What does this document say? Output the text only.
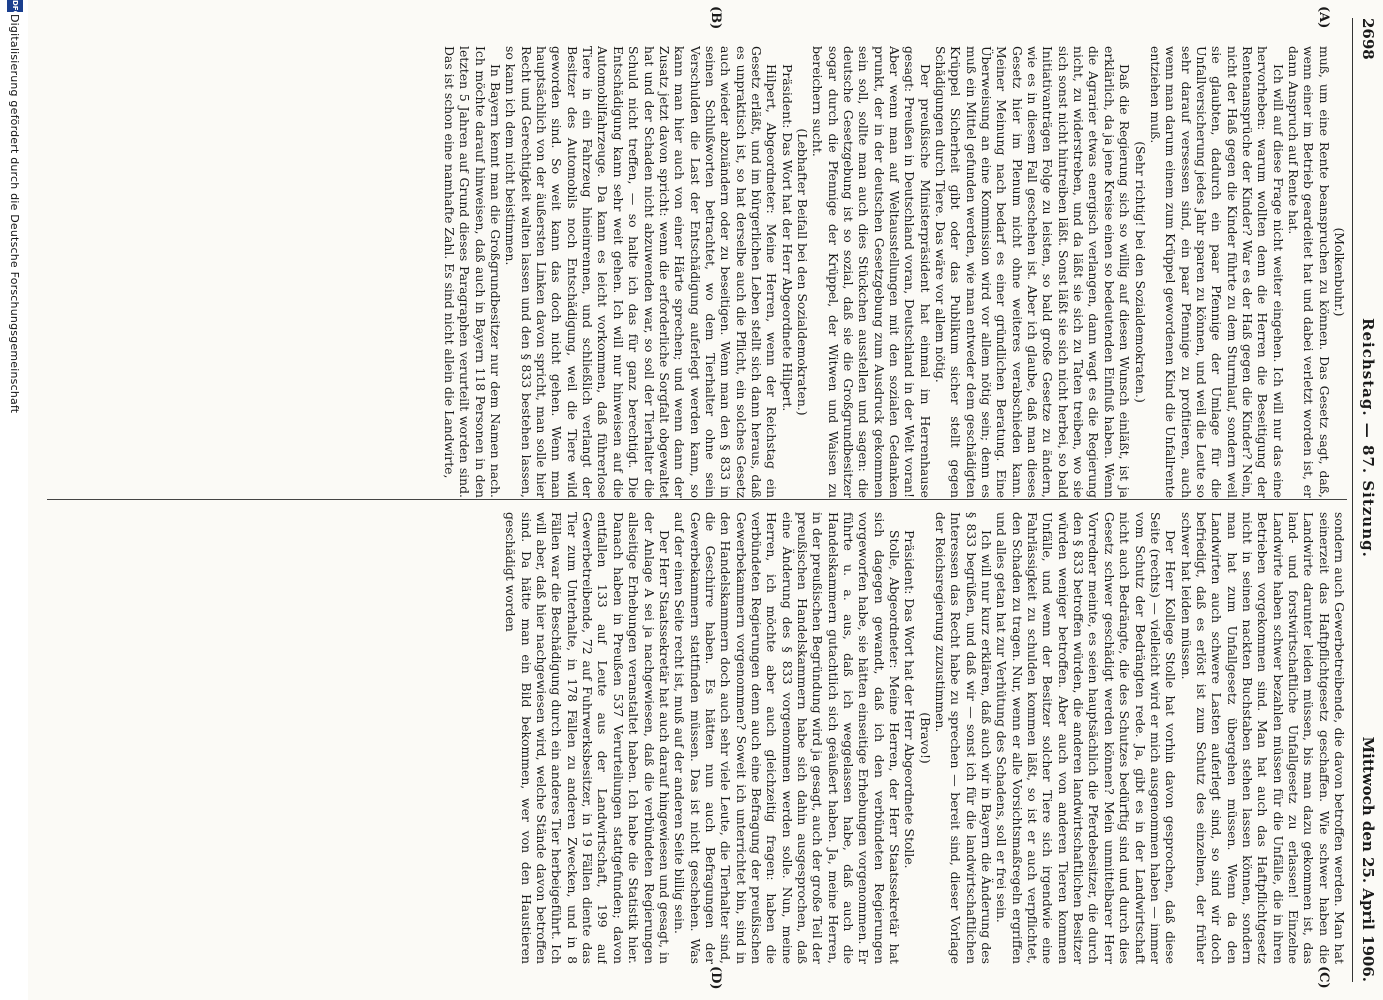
2698
Reichstag. — 87. Sitzung.
Mittwoch den 25. April 1906.
(A)
(B)
(C)
(D)

(Molkenbuhr.)

muß, um eine Rente beanspruchen zu können. Das Gesetz sagt, daß, wenn einer im Betrieb geardeitet hat und dabei verletzt worden ist, er dann Anspruch auf Rente hat.

Ich will auf diese Frage nicht weiter eingehen. Ich will nur das eine hervorheben: warum wollten denn die Herren die Beseitigung der Rentenansprüche der Kinder? War es der Haß gegen die Kinder? Nein, nicht der Haß gegen die Kinder führte zu dem Sturmlauf, sondern weil sie glaubten, dadurch ein paar Pfennige der Umlage für die Unfallversicherung jedes Jahr sparen zu können, und weil die Leute so sehr darauf versessen sind, ein paar Pfennige zu profitieren, auch wenn man darum einem zum Krüppel gewordenen Kind die Unfallrente entziehen muß.

(Sehr richtig! bei den Sozialdemokraten.)

Daß die Regierung sich so willig auf diesen Wunsch einläßt, ist ja erklärlich, da ja jene Kreise einen so bedeutenden Einfluß haben. Wenn die Agrarier etwas energisch verlangen, dann wagt es die Regierung nicht, zu widerstreben, und da läßt sie sich zu Taten treiben, wo sie sich sonst nicht hintreiben läßt. Sonst läßt sie sich nicht herbei, so bald Initiativanträgen Folge zu leisten, so bald große Gesetze zu ändern, wie es in diesem Fall geschehen ist. Aber ich glaube, daß man dieses Gesetz hier im Plenum nicht ohne weiteres verabschieden kann. Meiner Meinung nach bedarf es einer gründlichen Beratung. Eine Überweisung an eine Kommission wird vor allem nötig sein; denn es muß ein Mittel gefunden werden, wie man entweder dem geschädigten Krüppel Sicherheit gibt oder das Publikum sicher stellt gegen Schädigungen durch Tiere. Das wäre vor allem nötig.

Der preußische Ministerpräsident hat einmal im Herrenhause gesagt: Preußen in Deutschland voran, Deutschland in der Welt voran! Aber wenn man auf Weltausstellungen mit den sozialen Gedanken prunkt, der in der deutschen Gesetzgebung zum Ausdruck gekommen sein soll, sollte man auch dies Stückchen ausstellen und sagen: die deutsche Gesetzgebung ist so sozial, daß sie die Großgrundbesitzer sogar durch die Pfennige der Krüppel, der Witwen und Waisen zu bereichern sucht.

(Lebhafter Beifall bei den Sozialdemokraten.)

Präsident: Das Wort hat der Herr Abgeordnete Hilpert.

Hilpert, Abgeordneter: Meine Herren, wenn der Reichstag ein Gesetz erläßt, und im bürgerlichen Leben stellt sich dann heraus, daß es unpraktisch ist, so hat derselbe auch die Pflicht, ein solches Gesetz auch wieder abzuändern oder zu beseitigen. Wenn man den § 833 in seinen Schlußworten betrachtet, wo dem Tierhalter ohne sein Verschulden die Last der Entschädigung auferlegt werden kann, so kann man hier auch von einer Härte sprechen; und wenn dann der Zusatz jetzt davon spricht: wenn die erforderliche Sorgfalt obgewaltet hat und der Schaden nicht abzuwenden war, so soll der Tierhalter die Schuld nicht treffen, — so halte ich das für ganz berechtigt. Die Entschädigung kann sehr weit gehen. Ich will nur hinweisen auf die Automobilfahrzeuge. Da kann es leicht vorkommen, daß führerlose Tiere in ein Fahrzeug hineinrennen, und schließlich verlangt der Besitzer des Automobils noch Entschädigung, weil die Tiere wild geworden sind. So weit kann das doch nicht gehen. Wenn man hauptsächlich von der äußersten Linken davon spricht, man solle hier Recht und Gerechtigkeit walten lassen und den § 833 bestehen lassen, so kann ich dem nicht beistimmen.

In Bayern kennt man die Großgrundbesitzer nur dem Namen nach. Ich möchte darauf hinweisen, daß auch in Bayern 118 Personen in den letzten 5 Jahren auf Grund dieses Paragraphen verurteilt worden sind. Das ist schon eine namhafte Zahl. Es sind nicht allein die Landwirte,

sondern auch Gewerbetreibende, die davon betroffen werden. Man hat seinerzeit das Haftpflichtgesetz geschaffen. Wie schwer haben die Landwirte darunter leiden müssen, bis man dazu gekommen ist, das land- und forstwirtschaftliche Unfallgesetz zu erlassen! Einzelne Landwirte haben schwer bezahlen müssen für die Unfälle, die in ihren Betrieben vorgekommen sind. Man hat auch das Haftpflichtgesetz nicht in seinen nackten Buchstaben stehen lassen können, sondern man hat zum Unfallgesetz übergehen müssen. Wenn da den Landwirten auch schwere Lasten auferlegt sind, so sind wir doch befriedigt, daß es erlöst ist zum Schutz des einzelnen, der früher schwer hat leiden müssen.

Der Herr Kollege Stolle hat vorhin davon gesprochen, daß diese Seite (rechts) — vielleicht wird er mich ausgenommen haben — immer vom Schutz der Bedrängten rede. Ja, gibt es in der Landwirtschaft nicht auch Bedrängte, die des Schutzes bedürftig sind und durch dies Gesetz schwer geschädigt werden können? Mein unmittelbarer Herr Vorredner meinte, es seien hauptsächlich die Pferdebesitzer, die durch den § 833 betroffen würden, die anderen landwirtschaftlichen Besitzer würden weniger betroffen. Aber auch von anderen Tieren kommen Unfälle, und wenn der Besitzer solcher Tiere sich irgendwie eine Fahrlässigkeit zu schulden kommen läßt, so ist er auch verpflichtet, den Schaden zu tragen. Nur, wenn er alle Vorsichtsmaßregeln ergriffen und alles getan hat zur Verhütung des Schadens, soll er frei sein.

Ich will nur kurz erklären, daß auch wir in Bayern die Änderung des § 833 begrüßen, und daß wir — sonst ich für die landwirtschaftlichen Interessen das Recht habe zu sprechen — bereit sind, dieser Vorlage der Reichsregierung zuzustimmen.

(Bravo!)

Präsident: Das Wort hat der Herr Abgeordnete Stolle.

Stolle, Abgeordneter: Meine Herren, der Herr Staatssekretär hat sich dagegen gewandt, daß ich den verbündeten Regierungen vorgeworfen habe, sie hätten einseitige Erhebungen vorgenommen. Er führte u. a. aus, daß ich weggelassen habe, daß auch die Handelskammern gutachtlich sich geäußert haben. Ja, meine Herren, in der preußischen Begründung wird ja gesagt, auch der große Teil der preußischen Handelskammern habe sich dahin ausgesprochen, daß eine Änderung des § 833 vorgenommen werden solle. Nun, meine Herren, ich möchte aber auch gleichzeitig fragen: haben die verbündeten Regierungen denn auch eine Befragung der preußischen Gewerbekammern vorgenommen? Soweit ich unterrichtet bin, sind in den Handelskammern doch auch sehr viele Leute, die Tierhalter sind, die Geschirre haben. Es hätten nun auch Befragungen der Gewerbekammern stattfinden müssen. Das ist nicht geschehen. Was auf der einen Seite recht ist, muß auf der anderen Seite billig sein.

Der Herr Staatssekretär hat auch darauf hingewiesen und gesagt, in der Anlage A sei ja nachgewiesen, daß die verbündeten Regierungen allseitige Erhebungen veranstaltet haben. Ich habe die Statistik hier. Danach haben in Preußen 537 Verurteilungen stattgefunden; davon entfallen 133 auf Leute aus der Landwirtschaft, 199 auf Gewerbetreibende, 72 auf Fuhrwerksbesitzer, in 19 Fällen diente das Tier zum Unterhalte, in 178 Fällen zu anderen Zwecken, und in 8 Fällen war die Beschädigung durch ein anderes Tier herbeigeführt. Ich will aber, daß hier nachgewiesen wird, welche Stände davon betroffen sind. Da hätte man ein Bild bekommen, wer von den Haustieren geschädigt worden

DFG
Digitalisierung gefördert durch die Deutsche Forschungsgemeinschaft
